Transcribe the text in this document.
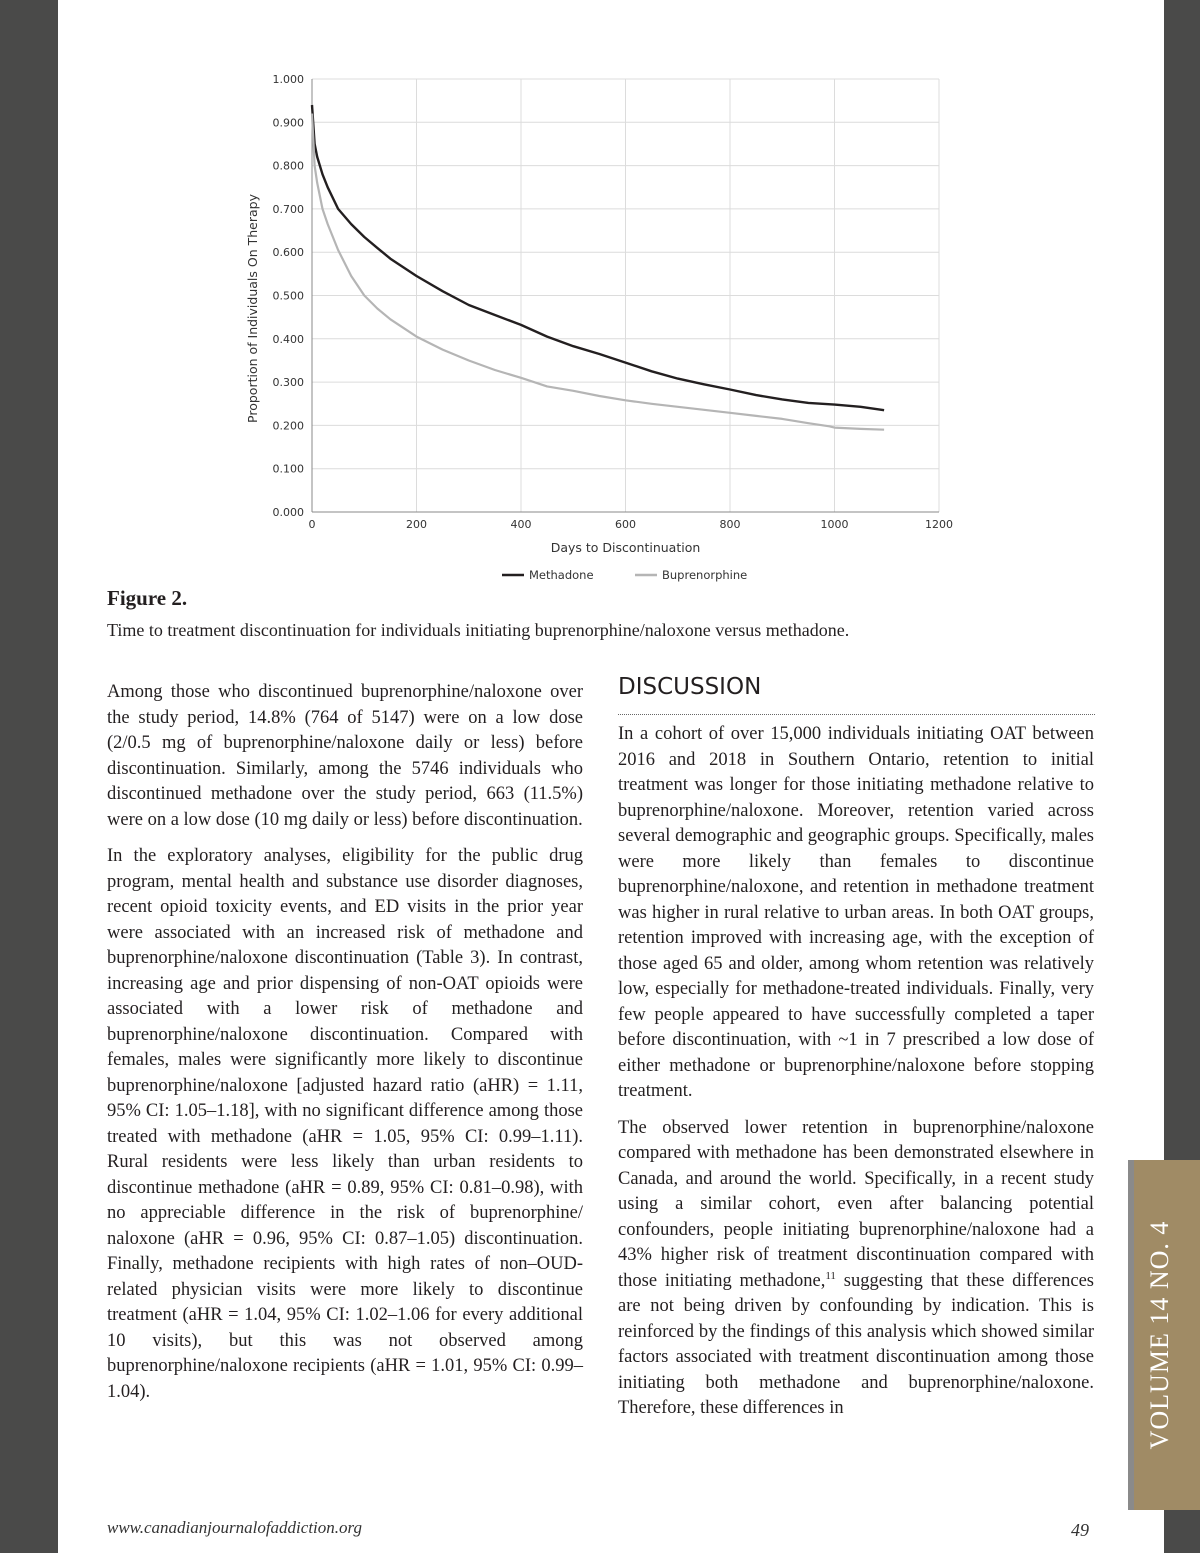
0.000
0.100
0.200
0.300
0.400
0.500
0.600
0.700
0.800
0.900
1.000
0	200	400	600	800	1000	1200
Days to Discontinuation
Proportion of Individuals On Therapy
Methadone	Buprenorphine
Figure 2.
Time to treatment discontinuation for individuals initiating buprenorphine/naloxone versus methadone.

Among those who discontinued buprenorphine/naloxone over the study period, 14.8% (764 of 5147) were on a low dose (2/0.5 mg of buprenorphine/naloxone daily or less) before discontinuation. Similarly, among the 5746 individuals who discontinued methadone over the study period, 663 (11.5%) were on a low dose (10 mg daily or less) before discontinuation.

In the exploratory analyses, eligibility for the public drug program, mental health and substance use disorder diagnoses, recent opioid toxicity events, and ED visits in the prior year were associated with an increased risk of methadone and buprenorphine/naloxone discontinuation (Table 3). In contrast, increasing age and prior dispensing of non-OAT opioids were associated with a lower risk of methadone and buprenorphine/naloxone discontinuation. Compared with females, males were significantly more likely to discontinue buprenorphine/naloxone [adjusted hazard ratio (aHR) = 1.11, 95% CI: 1.05–1.18], with no significant difference among those treated with methadone (aHR = 1.05, 95% CI: 0.99–1.11). Rural residents were less likely than urban residents to discontinue methadone (aHR = 0.89, 95% CI: 0.81–0.98), with no appreciable difference in the risk of buprenorphine/ naloxone (aHR = 0.96, 95% CI: 0.87–1.05) discontinuation. Finally, methadone recipients with high rates of non–OUD-related physician visits were more likely to discontinue treatment (aHR = 1.04, 95% CI: 1.02–1.06 for every additional 10 visits), but this was not observed among buprenorphine/naloxone recipients (aHR = 1.01, 95% CI: 0.99–1.04).

DISCUSSION

In a cohort of over 15,000 individuals initiating OAT between 2016 and 2018 in Southern Ontario, retention to initial treatment was longer for those initiating methadone relative to buprenorphine/naloxone. Moreover, retention varied across several demographic and geographic groups. Specifically, males were more likely than females to discontinue buprenorphine/naloxone, and retention in methadone treatment was higher in rural relative to urban areas. In both OAT groups, retention improved with increasing age, with the exception of those aged 65 and older, among whom retention was relatively low, especially for methadone-treated individuals. Finally, very few people appeared to have successfully completed a taper before discontinuation, with ~1 in 7 prescribed a low dose of either methadone or buprenorphine/naloxone before stopping treatment.

The observed lower retention in buprenorphine/naloxone compared with methadone has been demonstrated elsewhere in Canada, and around the world. Specifically, in a recent study using a similar cohort, even after balancing potential confounders, people initiating buprenorphine/naloxone had a 43% higher risk of treatment discontinuation compared with those initiating methadone,$^{11}$ suggesting that these differences are not being driven by confounding by indication. This is reinforced by the findings of this analysis which showed similar factors associated with treatment discontinuation among those initiating both methadone and buprenorphine/naloxone. Therefore, these differences in

www.canadianjournalofaddiction.org	49
VOLUME 14 NO. 4
